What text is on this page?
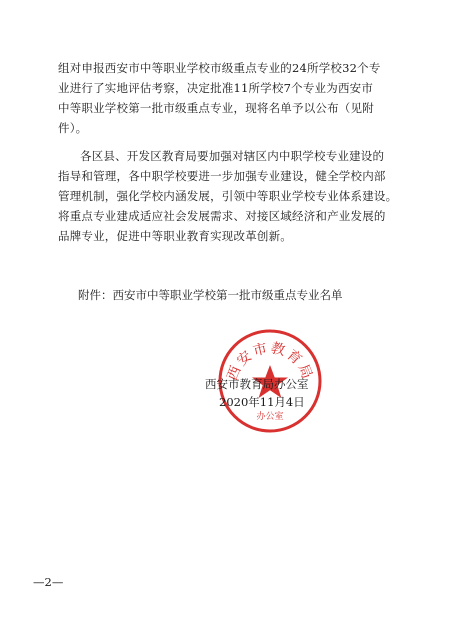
组对申报西安市中等职业学校市级重点专业的24所学校32个专
业进行了实地评估考察，决定批准11所学校7个专业为西安市
中等职业学校第一批市级重点专业，现将名单予以公布（见附
件）。
各区县、开发区教育局要加强对辖区内中职学校专业建设的
指导和管理，各中职学校要进一步加强专业建设，健全学校内部
管理机制，强化学校内涵发展，引领中等职业学校专业体系建设。
将重点专业建成适应社会发展需求、对接区域经济和产业发展的
品牌专业，促进中等职业教育实现改革创新。
附件：西安市中等职业学校第一批市级重点专业名单
西安市教育局
办公室
西安市教育局办公室
2020年11月4日
—2—
